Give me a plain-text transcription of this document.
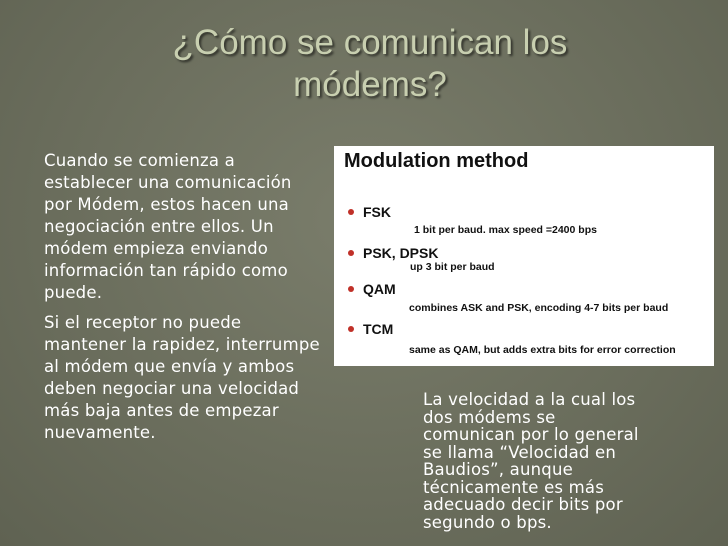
¿Cómo se comunican los
módems?

Cuando se comienza a establecer una comunicación por Módem, estos hacen una negociación entre ellos. Un módem empieza enviando información tan rápido como puede.

Si el receptor no puede mantener la rapidez, interrumpe al módem que envía y ambos deben negociar una velocidad más baja antes de empezar nuevamente.

Modulation method
FSK
1 bit per baud. max speed =2400 bps
PSK, DPSK
up 3 bit per baud
QAM
combines ASK and PSK, encoding 4-7 bits per baud
TCM
same as QAM, but adds extra bits for error correction
La velocidad a la cual los dos módems se comunican por lo general se llama “Velocidad en Baudios”, aunque técnicamente es más adecuado decir bits por segundo o bps.
